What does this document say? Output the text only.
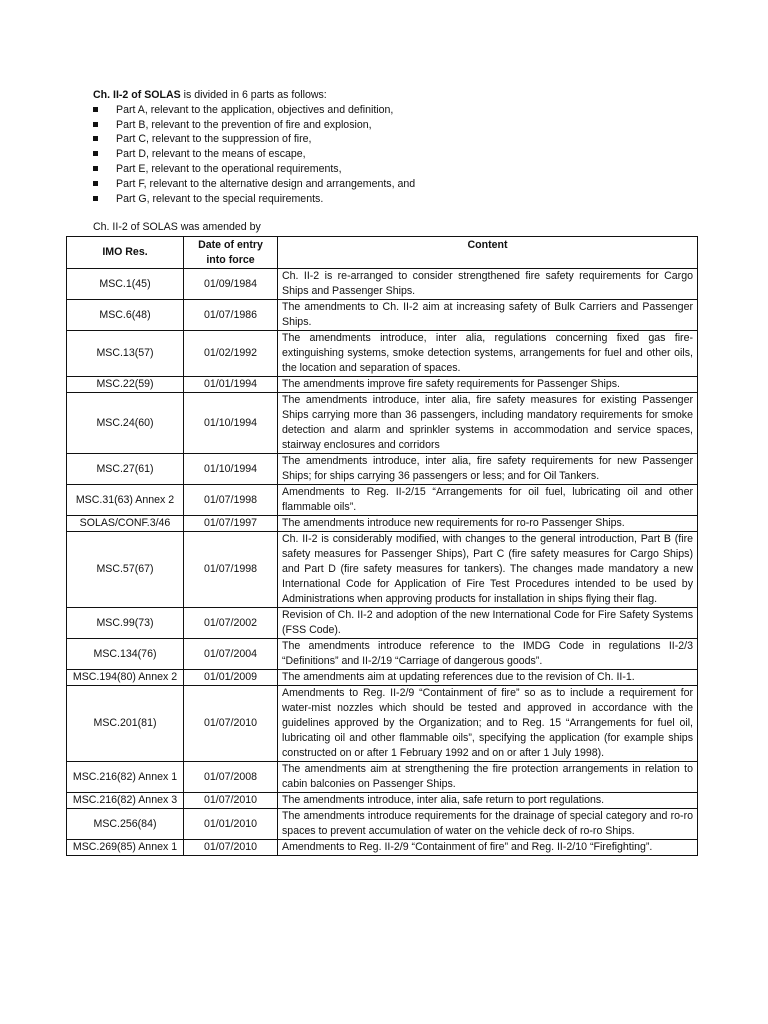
Ch. II-2 of SOLAS is divided in 6 parts as follows:

Part A, relevant to the application, objectives and definition,
Part B, relevant to the prevention of fire and explosion,
Part C, relevant to the suppression of fire,
Part D, relevant to the means of escape,
Part E, relevant to the operational requirements,
Part F, relevant to the alternative design and arrangements, and
Part G, relevant to the special requirements.
Ch. II-2 of SOLAS was amended by
IMO Res.	Date of entry into force	Content
MSC.1(45)	01/09/1984	Ch. II-2 is re-arranged to consider strengthened fire safety requirements for Cargo Ships and Passenger Ships.
MSC.6(48)	01/07/1986	The amendments to Ch. II-2 aim at increasing safety of Bulk Carriers and Passenger Ships.
MSC.13(57)	01/02/1992	The amendments introduce, inter alia, regulations concerning fixed gas fire-extinguishing systems, smoke detection systems, arrangements for fuel and other oils, the location and separation of spaces.
MSC.22(59)	01/01/1994	The amendments improve fire safety requirements for Passenger Ships.
MSC.24(60)	01/10/1994	The amendments introduce, inter alia, fire safety measures for existing Passenger Ships carrying more than 36 passengers, including mandatory requirements for smoke detection and alarm and sprinkler systems in accommodation and service spaces, stairway enclosures and corridors
MSC.27(61)	01/10/1994	The amendments introduce, inter alia, fire safety requirements for new Passenger Ships; for ships carrying 36 passengers or less; and for Oil Tankers.
MSC.31(63) Annex 2	01/07/1998	Amendments to Reg. II-2/15 “Arrangements for oil fuel, lubricating oil and other flammable oils”.
SOLAS/CONF.3/46	01/07/1997	The amendments introduce new requirements for ro-ro Passenger Ships.
MSC.57(67)	01/07/1998	Ch. II-2 is considerably modified, with changes to the general introduction, Part B (fire safety measures for Passenger Ships), Part C (fire safety measures for Cargo Ships) and Part D (fire safety measures for tankers). The changes made mandatory a new International Code for Application of Fire Test Procedures intended to be used by Administrations when approving products for installation in ships flying their flag.
MSC.99(73)	01/07/2002	Revision of Ch. II-2 and adoption of the new International Code for Fire Safety Systems (FSS Code).
MSC.134(76)	01/07/2004	The amendments introduce reference to the IMDG Code in regulations II-2/3 “Definitions” and II-2/19 “Carriage of dangerous goods”.
MSC.194(80) Annex 2	01/01/2009	The amendments aim at updating references due to the revision of Ch. II-1.
MSC.201(81)	01/07/2010	Amendments to Reg. II-2/9 “Containment of fire” so as to include a requirement for water-mist nozzles which should be tested and approved in accordance with the guidelines approved by the Organization; and to Reg. 15 “Arrangements for fuel oil, lubricating oil and other flammable oils”, specifying the application (for example ships constructed on or after 1 February 1992 and on or after 1 July 1998).
MSC.216(82) Annex 1	01/07/2008	The amendments aim at strengthening the fire protection arrangements in relation to cabin balconies on Passenger Ships.
MSC.216(82) Annex 3	01/07/2010	The amendments introduce, inter alia, safe return to port regulations.
MSC.256(84)	01/01/2010	The amendments introduce requirements for the drainage of special category and ro-ro spaces to prevent accumulation of water on the vehicle deck of ro-ro Ships.
MSC.269(85) Annex 1	01/07/2010	Amendments to Reg. II-2/9 “Containment of fire” and Reg. II-2/10 “Firefighting”.
